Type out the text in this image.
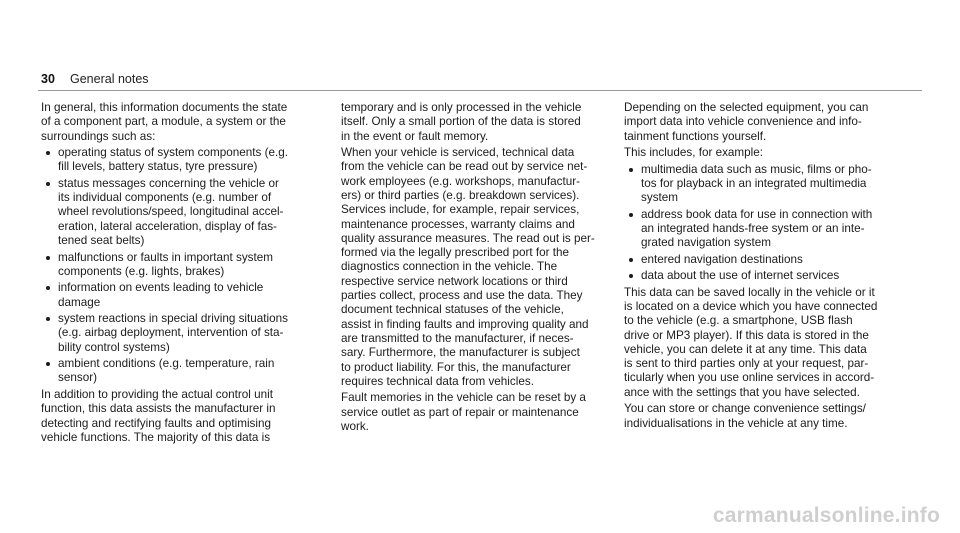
30 General notes

In general, this information documents the state
of a component part, a module, a system or the
surroundings such as:

operating status of system components (e.g.
fill levels, battery status, tyre pressure)
status messages concerning the vehicle or
its individual components (e.g. number of
wheel revolutions/speed, longitudinal accel-
eration, lateral acceleration, display of fas-
tened seat belts)
malfunctions or faults in important system
components (e.g. lights, brakes)
information on events leading to vehicle
damage
system reactions in special driving situations
(e.g. airbag deployment, intervention of sta-
bility control systems)
ambient conditions (e.g. temperature, rain
sensor)

In addition to providing the actual control unit
function, this data assists the manufacturer in
detecting and rectifying faults and optimising
vehicle functions. The majority of this data is

temporary and is only processed in the vehicle
itself. Only a small portion of the data is stored
in the event or fault memory.

When your vehicle is serviced, technical data
from the vehicle can be read out by service net-
work employees (e.g. workshops, manufactur-
ers) or third parties (e.g. breakdown services).
Services include, for example, repair services,
maintenance processes, warranty claims and
quality assurance measures. The read out is per-
formed via the legally prescribed port for the
diagnostics connection in the vehicle. The
respective service network locations or third
parties collect, process and use the data. They
document technical statuses of the vehicle,
assist in finding faults and improving quality and
are transmitted to the manufacturer, if neces-
sary. Furthermore, the manufacturer is subject
to product liability. For this, the manufacturer
requires technical data from vehicles.

Fault memories in the vehicle can be reset by a
service outlet as part of repair or maintenance
work.

Depending on the selected equipment, you can
import data into vehicle convenience and info-
tainment functions yourself.

This includes, for example:

multimedia data such as music, films or pho-
tos for playback in an integrated multimedia
system
address book data for use in connection with
an integrated hands-free system or an inte-
grated navigation system
entered navigation destinations
data about the use of internet services

This data can be saved locally in the vehicle or it
is located on a device which you have connected
to the vehicle (e.g. a smartphone, USB flash
drive or MP3 player). If this data is stored in the
vehicle, you can delete it at any time. This data
is sent to third parties only at your request, par-
ticularly when you use online services in accord-
ance with the settings that you have selected.

You can store or change convenience settings/
individualisations in the vehicle at any time.

carmanualsonline.info
